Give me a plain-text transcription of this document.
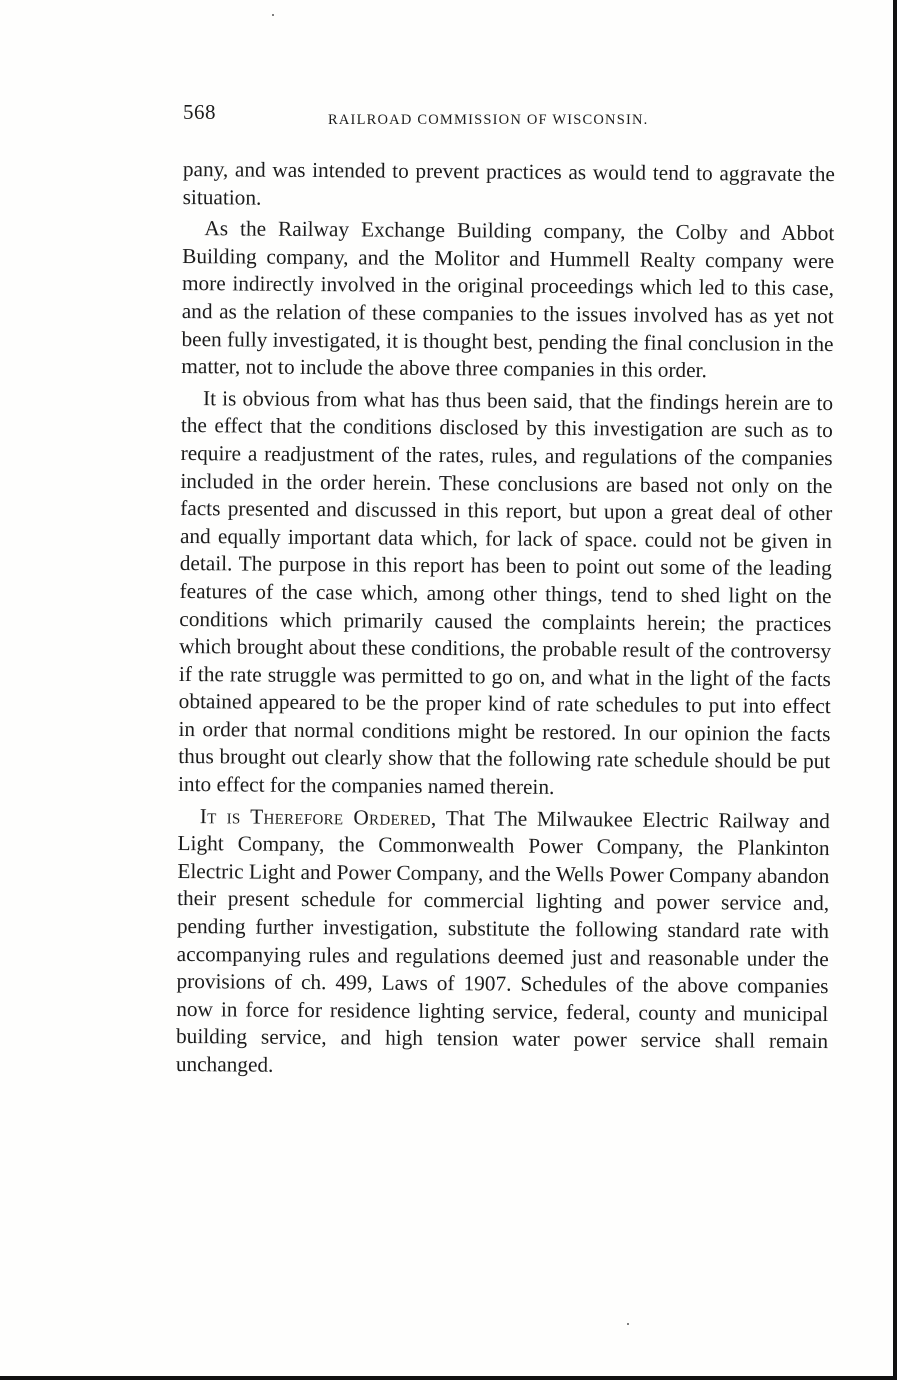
568	RAILROAD COMMISSION OF WISCONSIN.

pany, and was intended to prevent practices as would tend to aggravate the situation.

As the Railway Exchange Building company, the Colby and Abbot Building company, and the Molitor and Hummell Realty company were more indirectly involved in the original proceedings which led to this case, and as the relation of these companies to the issues involved has as yet not been fully investigated, it is thought best, pending the final conclusion in the matter, not to include the above three companies in this order.

It is obvious from what has thus been said, that the findings herein are to the effect that the conditions disclosed by this investigation are such as to require a readjustment of the rates, rules, and regulations of the companies included in the order herein. These conclusions are based not only on the facts presented and discussed in this report, but upon a great deal of other and equally important data which, for lack of space. could not be given in detail. The purpose in this report has been to point out some of the leading features of the case which, among other things, tend to shed light on the conditions which primarily caused the complaints herein; the practices which brought about these conditions, the probable result of the controversy if the rate struggle was permitted to go on, and what in the light of the facts obtained appeared to be the proper kind of rate schedules to put into effect in order that normal conditions might be restored. In our opinion the facts thus brought out clearly show that the following rate schedule should be put into effect for the companies named therein.

It is Therefore Ordered, That The Milwaukee Electric Railway and Light Company, the Commonwealth Power Company, the Plankinton Electric Light and Power Company, and the Wells Power Company abandon their present schedule for commercial lighting and power service and, pending further investigation, substitute the following standard rate with accompanying rules and regulations deemed just and reasonable under the provisions of ch. 499, Laws of 1907. Schedules of the above companies now in force for residence lighting service, federal, county and municipal building service, and high tension water power service shall remain unchanged.
